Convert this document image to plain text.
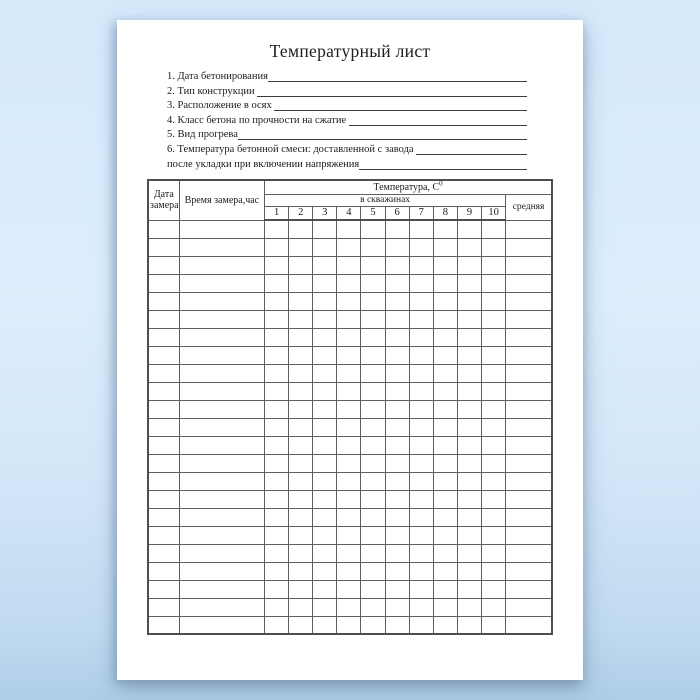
Температурный лист
1. Дата бетонирования
2. Тип конструкции
3. Расположение в осях
4. Класс бетона по прочности на сжатие
5. Вид прогрева
6. Температура бетонной смеси: доставленной с завода
после укладки при включении напряжения
Дата замера	Время замера,час	Температура, $С^0$
		в скважинах										средняя
		1	2	3	4	5	6	7	8	9	10	
